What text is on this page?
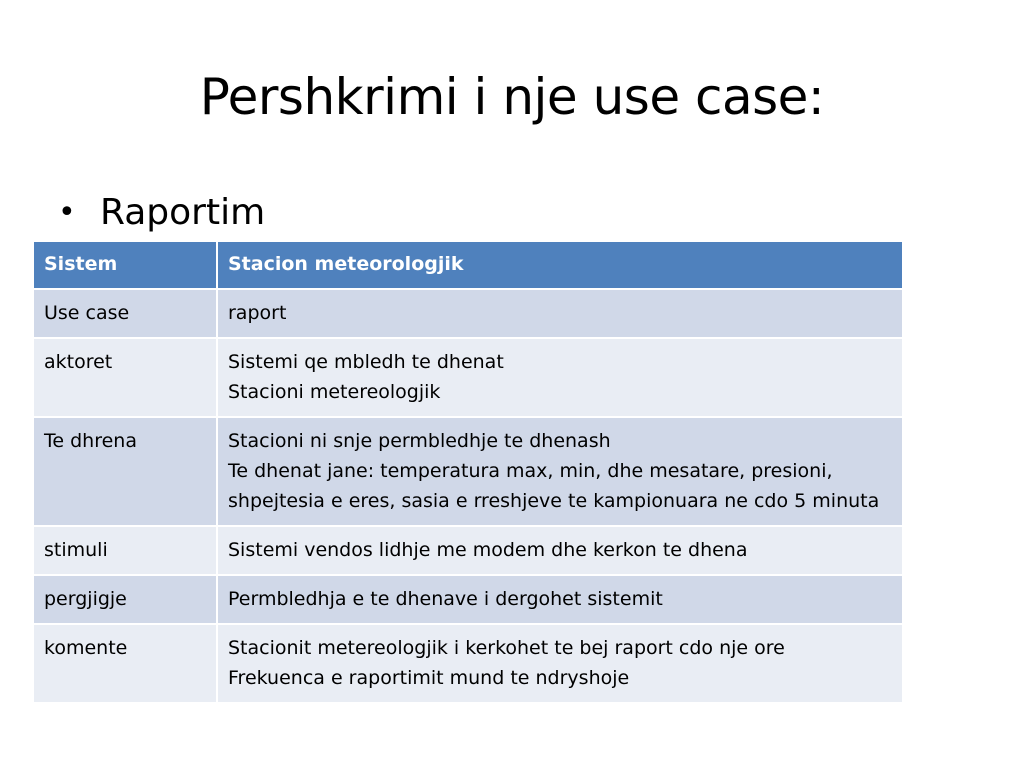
Pershkrimi i nje use case:
• Raportim
Sistem	Stacion meteorologjik
Use case	raport

aktoret	Sistemi qe mbledh te dhenat
Stacioni metereologjik

Te dhrena	Stacioni ni snje permbledhje te dhenash
Te dhenat jane: temperatura max, min, dhe mesatare, presioni, shpejtesia e eres, sasia e rreshjeve te kampionuara ne cdo 5 minuta

stimuli	Sistemi vendos lidhje me modem dhe kerkon te dhena

pergjigje	Permbledhja e te dhenave i dergohet sistemit

komente	Stacionit metereologjik i kerkohet te bej raport cdo nje ore
Frekuenca e raportimit mund te ndryshoje
